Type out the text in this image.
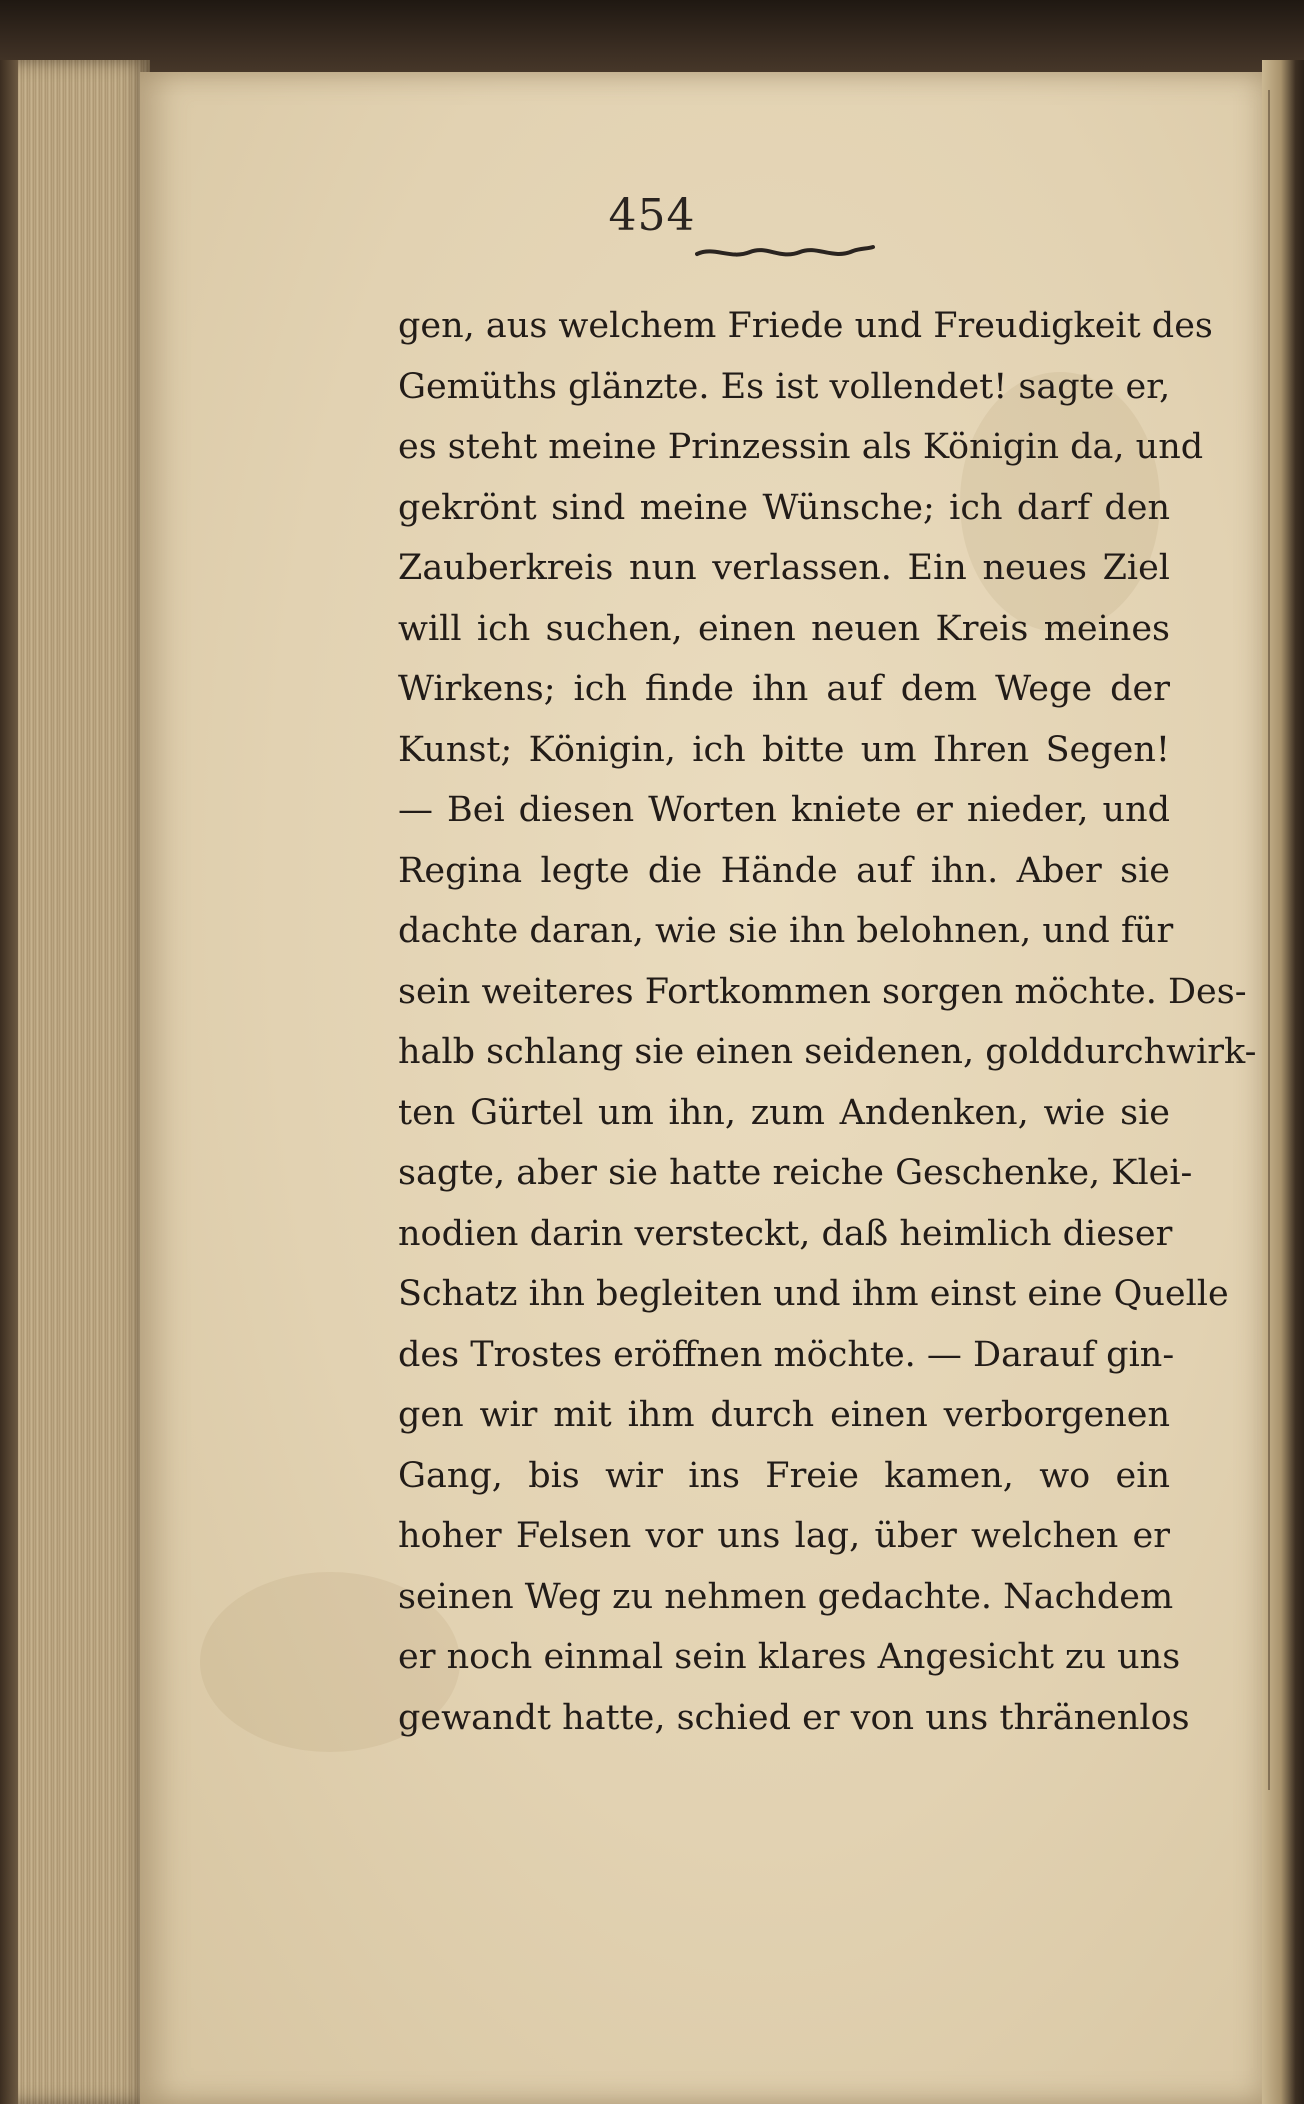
454
gen, aus welchem Friede und Freudigkeit des
Gemüths glänzte. Es ist vollendet! sagte er,
es steht meine Prinzessin als Königin da, und
gekrönt sind meine Wünsche; ich darf den
Zauberkreis nun verlassen. Ein neues Ziel
will ich suchen, einen neuen Kreis meines
Wirkens; ich finde ihn auf dem Wege der
Kunst; Königin, ich bitte um Ihren Segen!
— Bei diesen Worten kniete er nieder, und
Regina legte die Hände auf ihn. Aber sie
dachte daran, wie sie ihn belohnen, und für
sein weiteres Fortkommen sorgen möchte. Des-
halb schlang sie einen seidenen, golddurchwirk-
ten Gürtel um ihn, zum Andenken, wie sie
sagte, aber sie hatte reiche Geschenke, Klei-
nodien darin versteckt, daß heimlich dieser
Schatz ihn begleiten und ihm einst eine Quelle
des Trostes eröffnen möchte. — Darauf gin-
gen wir mit ihm durch einen verborgenen
Gang, bis wir ins Freie kamen, wo ein
hoher Felsen vor uns lag, über welchen er
seinen Weg zu nehmen gedachte. Nachdem
er noch einmal sein klares Angesicht zu uns
gewandt hatte, schied er von uns thränenlos
